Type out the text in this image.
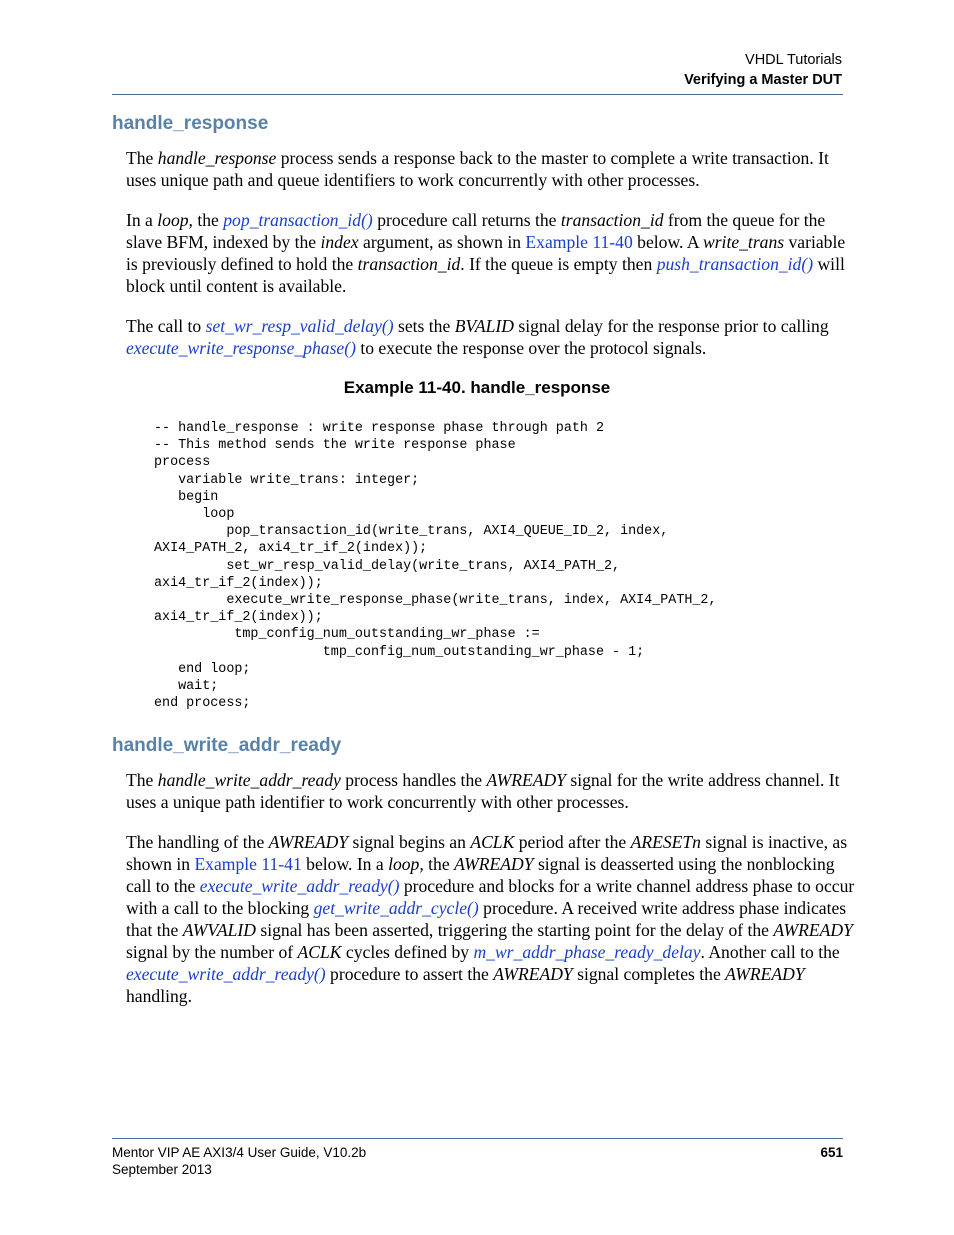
VHDL Tutorials
Verifying a Master DUT
handle_response
The handle_response process sends a response back to the master to complete a write transaction. It uses unique path and queue identifiers to work concurrently with other processes.
In a loop, the pop_transaction_id() procedure call returns the transaction_id from the queue for the slave BFM, indexed by the index argument, as shown in Example 11-40 below. A write_trans variable is previously defined to hold the transaction_id. If the queue is empty then push_transaction_id() will block until content is available.
The call to set_wr_resp_valid_delay() sets the BVALID signal delay for the response prior to calling execute_write_response_phase() to execute the response over the protocol signals.
Example 11-40. handle_response
-- handle_response : write response phase through path 2
-- This method sends the write response phase
process
variable write_trans: integer;
begin
loop
pop_transaction_id(write_trans, AXI4_QUEUE_ID_2, index,
AXI4_PATH_2, axi4_tr_if_2(index));
set_wr_resp_valid_delay(write_trans, AXI4_PATH_2,
axi4_tr_if_2(index));
execute_write_response_phase(write_trans, index, AXI4_PATH_2,
axi4_tr_if_2(index));
tmp_config_num_outstanding_wr_phase :=
tmp_config_num_outstanding_wr_phase - 1;
end loop;
wait;
end process;
handle_write_addr_ready
The handle_write_addr_ready process handles the AWREADY signal for the write address channel. It uses a unique path identifier to work concurrently with other processes.
The handling of the AWREADY signal begins an ACLK period after the ARESETn signal is inactive, as shown in Example 11-41 below. In a loop, the AWREADY signal is deasserted using the nonblocking call to the execute_write_addr_ready() procedure and blocks for a write channel address phase to occur with a call to the blocking get_write_addr_cycle() procedure. A received write address phase indicates that the AWVALID signal has been asserted, triggering the starting point for the delay of the AWREADY signal by the number of ACLK cycles defined by m_wr_addr_phase_ready_delay. Another call to the execute_write_addr_ready() procedure to assert the AWREADY signal completes the AWREADY handling.
Mentor VIP AE AXI3/4 User Guide, V10.2b
September 2013
651
